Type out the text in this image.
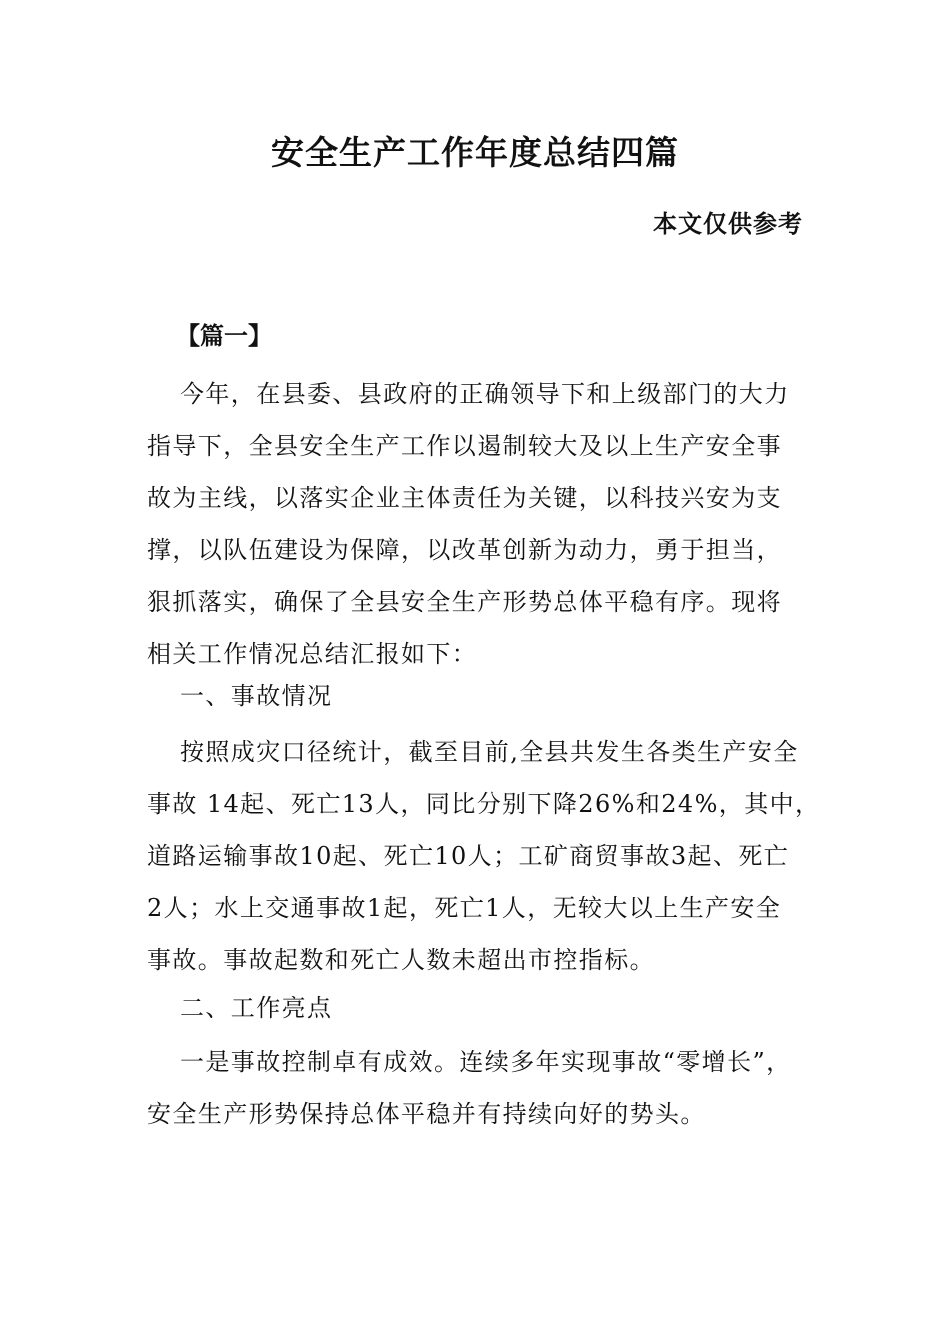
安全生产工作年度总结四篇
本文仅供参考
【篇一】
今年，在县委、县政府的正确领导下和上级部门的大力
指导下，全县安全生产工作以遏制较大及以上生产安全事
故为主线，以落实企业主体责任为关键，以科技兴安为支
撑，以队伍建设为保障，以改革创新为动力，勇于担当，
狠抓落实，确保了全县安全生产形势总体平稳有序。现将
相关工作情况总结汇报如下：
一、事故情况
按照成灾口径统计，截至目前,全县共发生各类生产安全
事故 14起、死亡13人，同比分别下降26%和24%，其中，
道路运输事故10起、死亡10人；工矿商贸事故3起、死亡
2人；水上交通事故1起，死亡1人，无较大以上生产安全
事故。事故起数和死亡人数未超出市控指标。
二、工作亮点
一是事故控制卓有成效。连续多年实现事故“零增长”，
安全生产形势保持总体平稳并有持续向好的势头。
